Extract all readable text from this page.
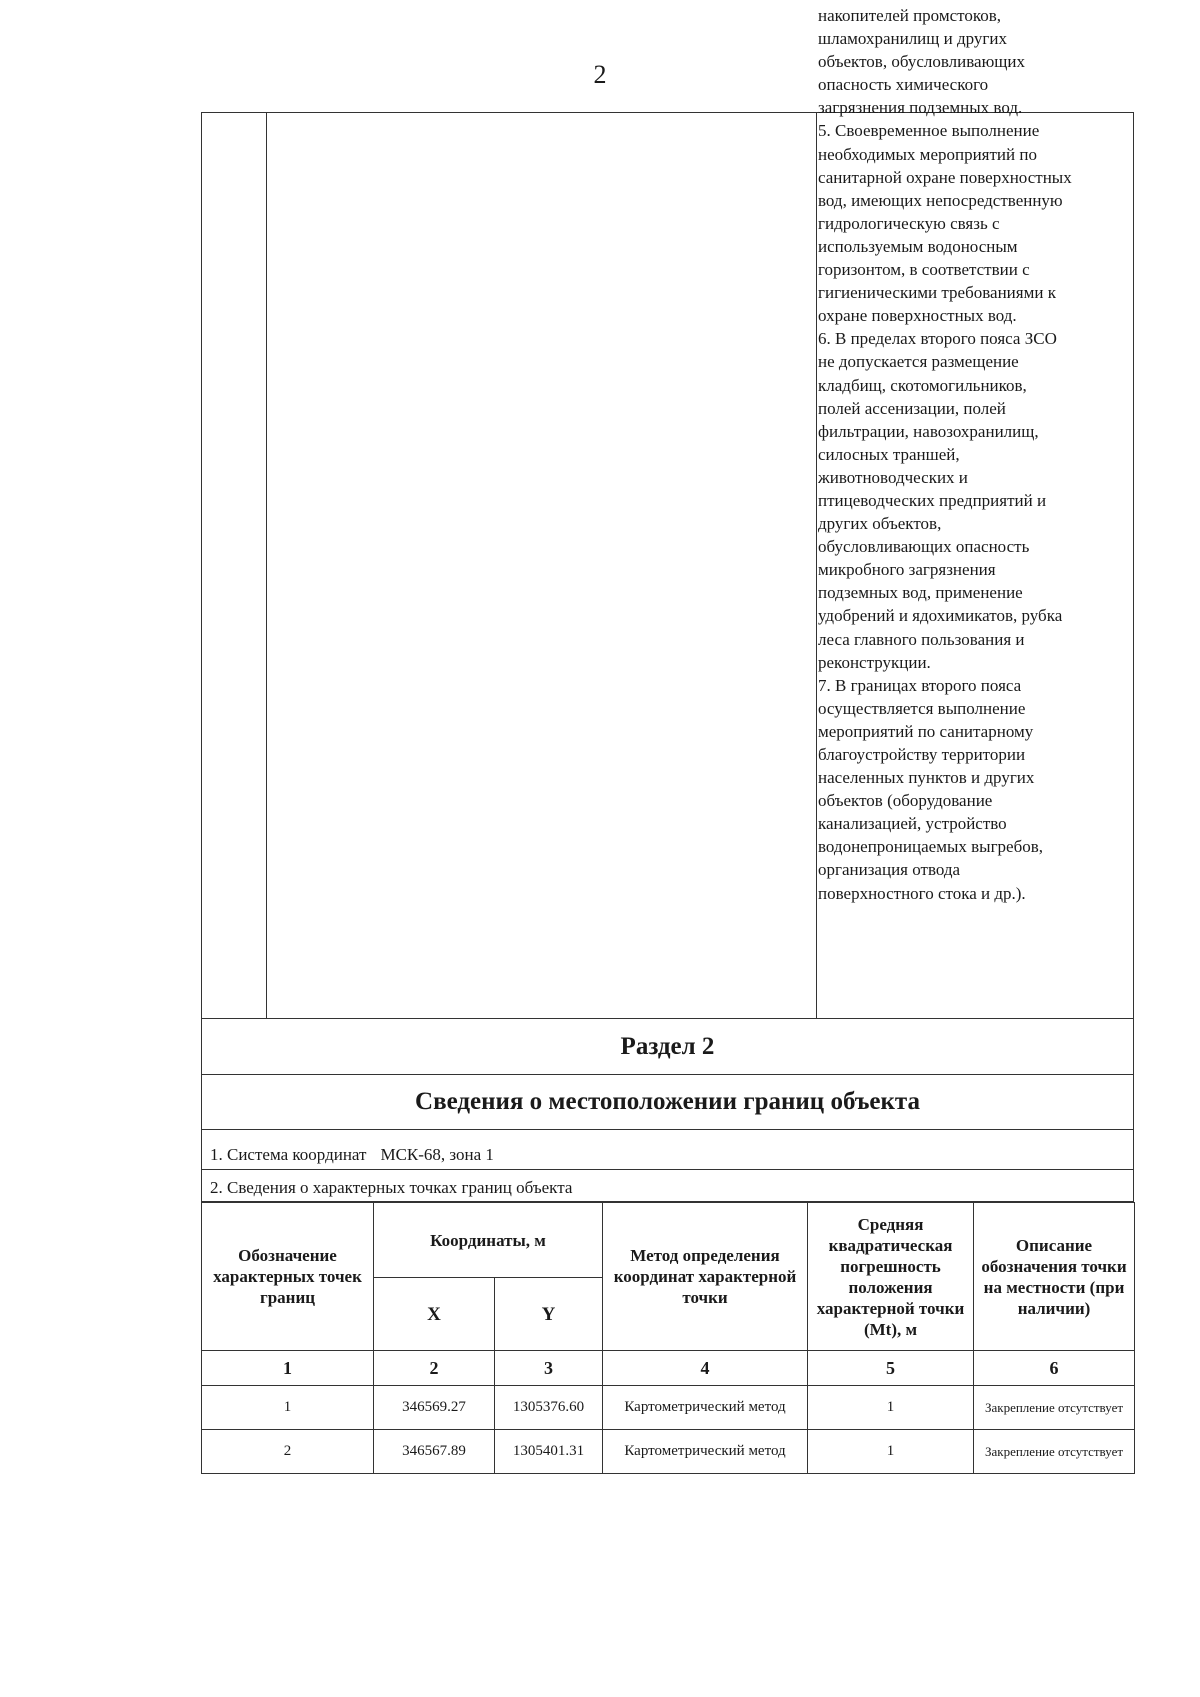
2

накопителей промстоков,
шламохранилищ и других
объектов, обусловливающих
опасность химического
загрязнения подземных вод.

5. Своевременное выполнение
необходимых мероприятий по
санитарной охране поверхностных
вод, имеющих непосредственную
гидрологическую связь с
используемым водоносным
горизонтом, в соответствии с
гигиеническими требованиями к
охране поверхностных вод.

6. В пределах второго пояса ЗСО
не допускается размещение
кладбищ, скотомогильников,
полей ассенизации, полей
фильтрации, навозохранилищ,
силосных траншей,
животноводческих и
птицеводческих предприятий и
других объектов,
обусловливающих опасность
микробного загрязнения
подземных вод, применение
удобрений и ядохимикатов, рубка
леса главного пользования и
реконструкции.

7. В границах второго пояса
осуществляется выполнение
мероприятий по санитарному
благоустройству территории
населенных пунктов и других
объектов (оборудование
канализацией, устройство
водонепроницаемых выгребов,
организация отвода
поверхностного стока и др.).

Раздел 2
Сведения о местоположении границ объекта
1. Система координат МСК-68, зона 1
2. Сведения о характерных точках границ объекта
Обозначение характерных точек границ	Координаты, м		Метод определения координат характерной точки	Средняя квадратическая погрешность положения характерной точки (Mt), м	Описание обозначения точки на местности (при наличии)
	X	Y			
1	2	3	4	5	6
1	346569.27	1305376.60	Картометрический метод	1	Закрепление отсутствует
2	346567.89	1305401.31	Картометрический метод	1	Закрепление отсутствует
